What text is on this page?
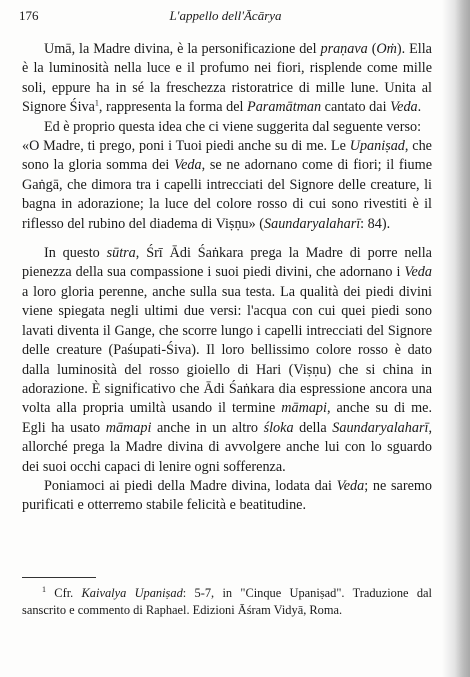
176	L'appello dell'Ācārya

Umā, la Madre divina, è la personificazione del praṇava (Oṁ). Ella è la luminosità nella luce e il profumo nei fiori, risplende come mille soli, eppure ha in sé la freschezza ristoratrice di mille lune. Unita al Signore Śiva$^1$, rappresenta la forma del Paramātman cantato dai Veda.

Ed è proprio questa idea che ci viene suggerita dal seguente verso:

«O Madre, ti prego, poni i Tuoi piedi anche su di me. Le Upaniṣad, che sono la gloria somma dei Veda, se ne adornano come di fiori; il fiume Gaṅgā, che dimora tra i capelli intrecciati del Signore delle creature, li bagna in adorazione; la luce del colore rosso di cui sono rivestiti è il riflesso del rubino del diadema di Viṣṇu» (Saundaryalaharī: 84).

In questo sūtra, Śrī Ādi Śaṅkara prega la Madre di porre nella pienezza della sua compassione i suoi piedi divini, che adornano i Veda a loro gloria perenne, anche sulla sua testa. La qualità dei piedi divini viene spiegata negli ultimi due versi: l'acqua con cui quei piedi sono lavati diventa il Gange, che scorre lungo i capelli intrecciati del Signore delle creature (Paśupati-Śiva). Il loro bellissimo colore rosso è dato dalla luminosità del rosso gioiello di Hari (Viṣṇu) che si china in adorazione. È significativo che Ādi Śaṅkara dia espressione ancora una volta alla propria umiltà usando il termine māmapi, anche su di me. Egli ha usato māmapi anche in un altro śloka della Saundaryalaharī, allorché prega la Madre divina di avvolgere anche lui con lo sguardo dei suoi occhi capaci di lenire ogni sofferenza.

Poniamoci ai piedi della Madre divina, lodata dai Veda; ne saremo purificati e otterremo stabile felicità e beatitudine.

$^1$ Cfr. Kaivalya Upaniṣad: 5-7, in "Cinque Upaniṣad". Traduzione dal sanscrito e commento di Raphael. Edizioni Āśram Vidyā, Roma.
